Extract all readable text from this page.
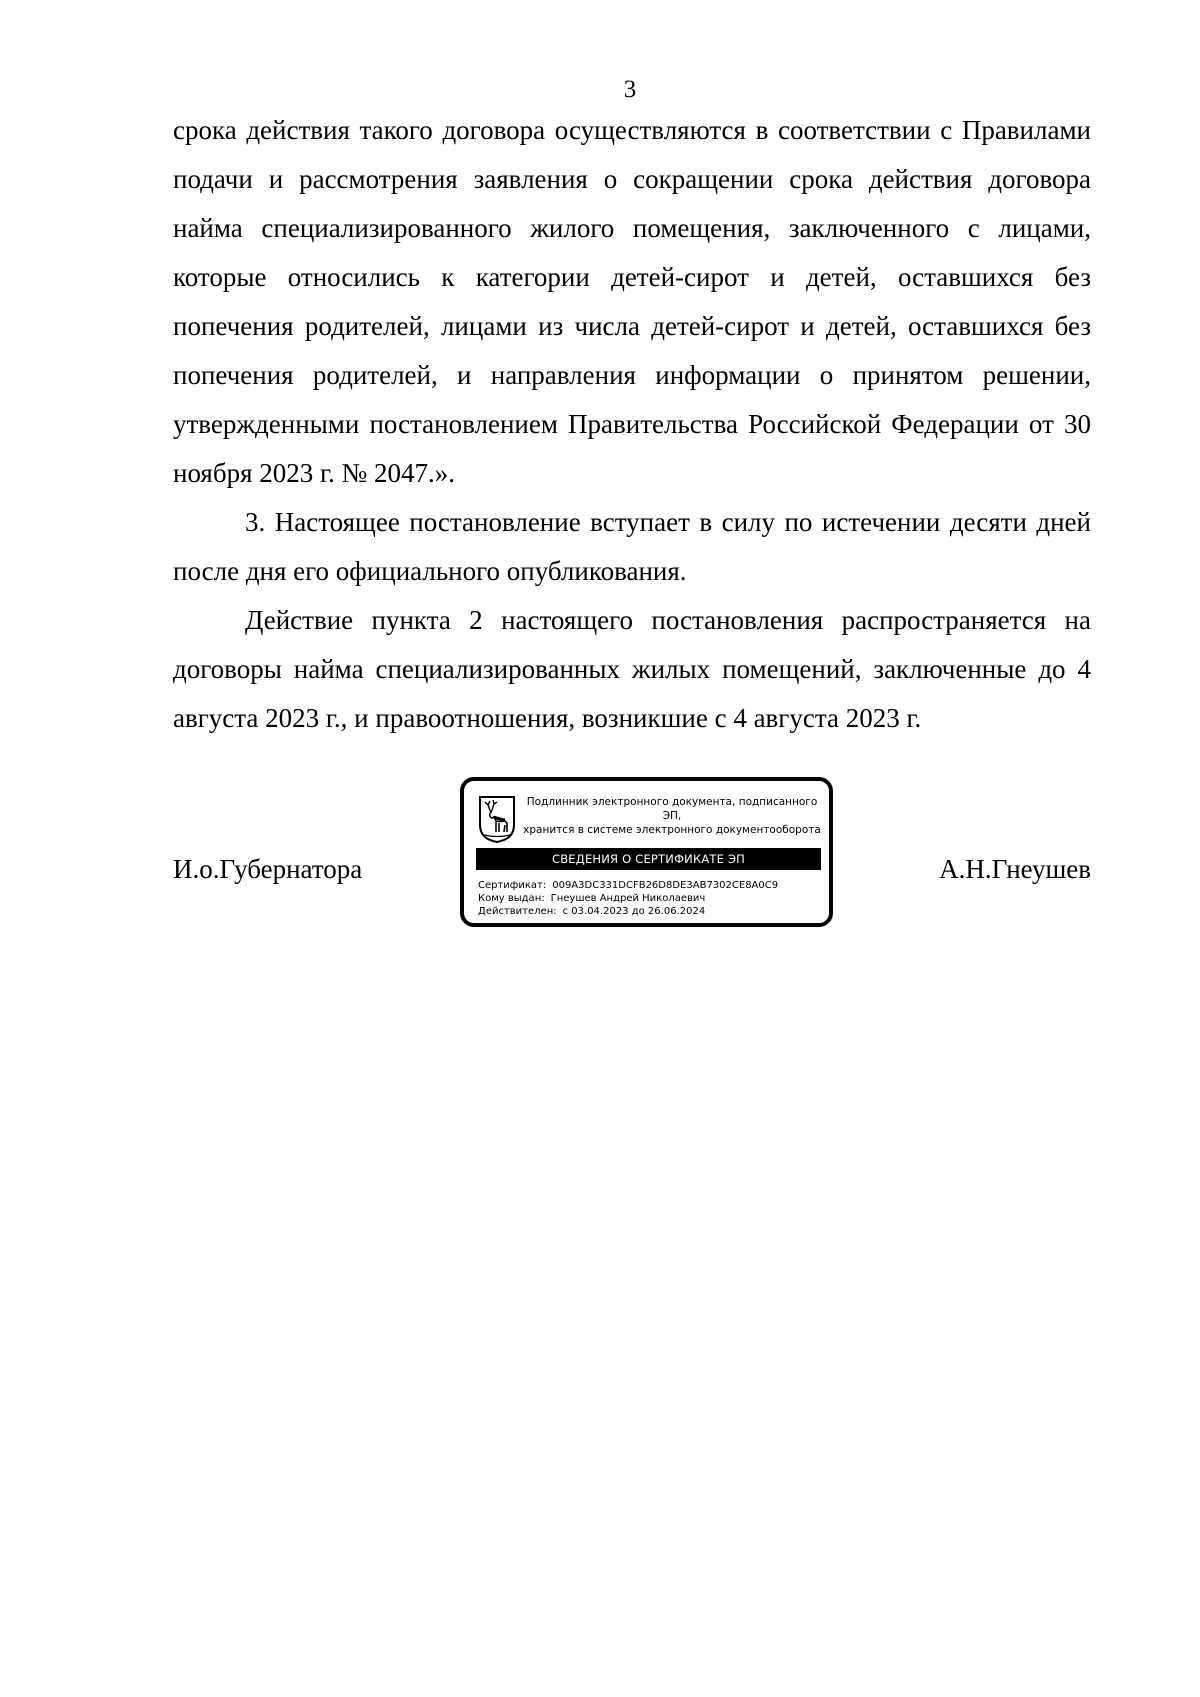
3

срока действия такого договора осуществляются в соответствии с Правилами подачи и рассмотрения заявления о сокращении срока действия договора найма специализированного жилого помещения, заключенного с лицами, которые относились к категории детей-сирот и детей, оставшихся без попечения родителей, лицами из числа детей-сирот и детей, оставшихся без попечения родителей, и направления информации о принятом решении, утвержденными постановлением Правительства Российской Федерации от 30 ноября 2023 г. № 2047.».

3. Настоящее постановление вступает в силу по истечении десяти дней после дня его официального опубликования.

Действие пункта 2 настоящего постановления распространяется на договоры найма специализированных жилых помещений, заключенные до 4 августа 2023 г., и правоотношения, возникшие с 4 августа 2023 г.

И.о.Губернатора
Подлинник электронного документа, подписанного ЭП,
хранится в системе электронного документооборота
СВЕДЕНИЯ О СЕРТИФИКАТЕ ЭП
Сертификат: 009A3DC331DCFB26D8DE3AB7302CE8A0C9
Кому выдан: Гнеушев Андрей Николаевич
Действителен: с 03.04.2023 до 26.06.2024
А.Н.Гнеушев
